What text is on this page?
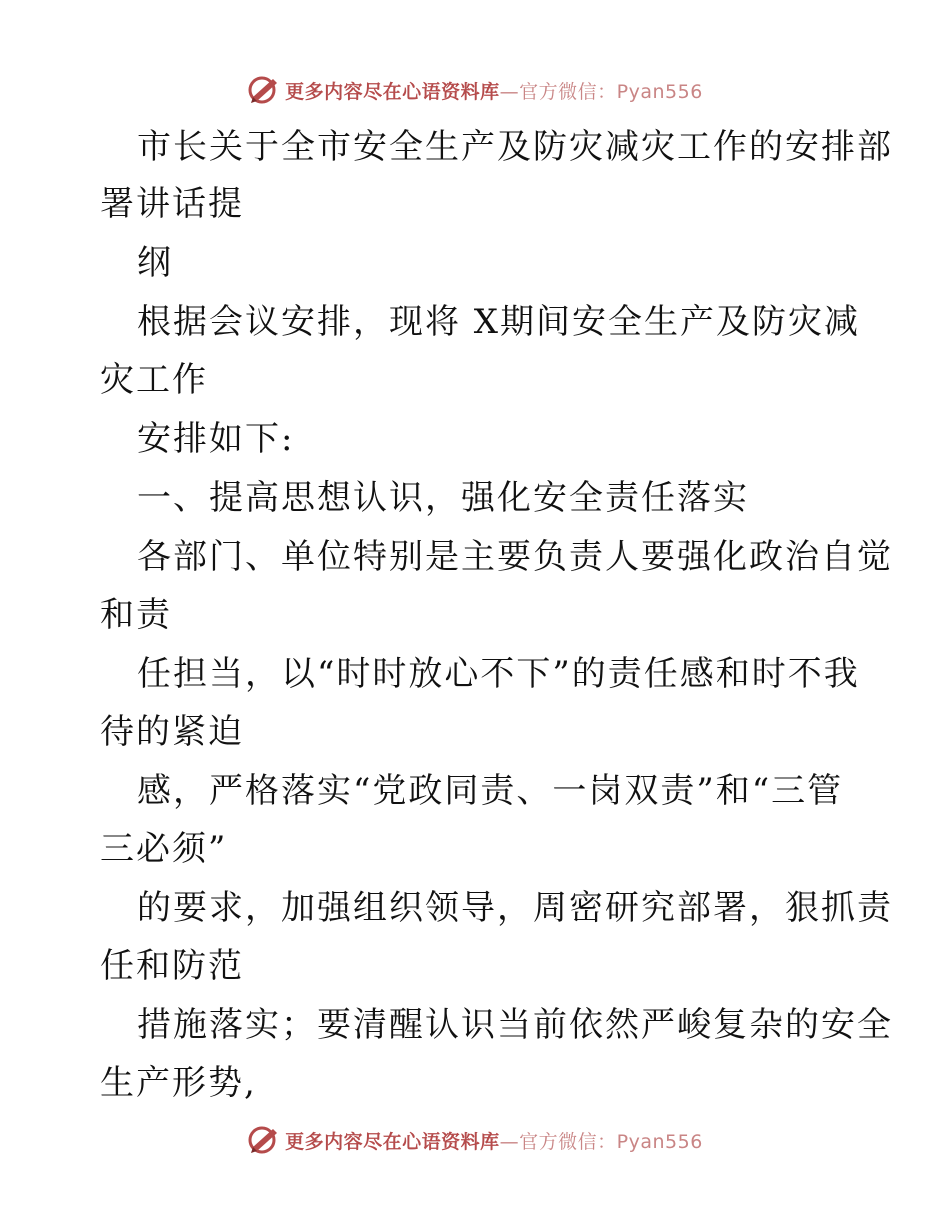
更多内容尽在心语资料库—官方微信：Pyan556
市长关于全市安全生产及防灾减灾工作的安排部
署讲话提
纲
根据会议安排，现将 X期间安全生产及防灾减
灾工作
安排如下:
一、提高思想认识，强化安全责任落实
各部门、单位特别是主要负责人要强化政治自觉
和责
任担当，以“时时放心不下”的责任感和时不我
待的紧迫
感，严格落实“党政同责、一岗双责”和“三管
三必须”
的要求，加强组织领导，周密研究部署，狠抓责
任和防范
措施落实；要清醒认识当前依然严峻复杂的安全
生产形势,
更多内容尽在心语资料库—官方微信：Pyan556
